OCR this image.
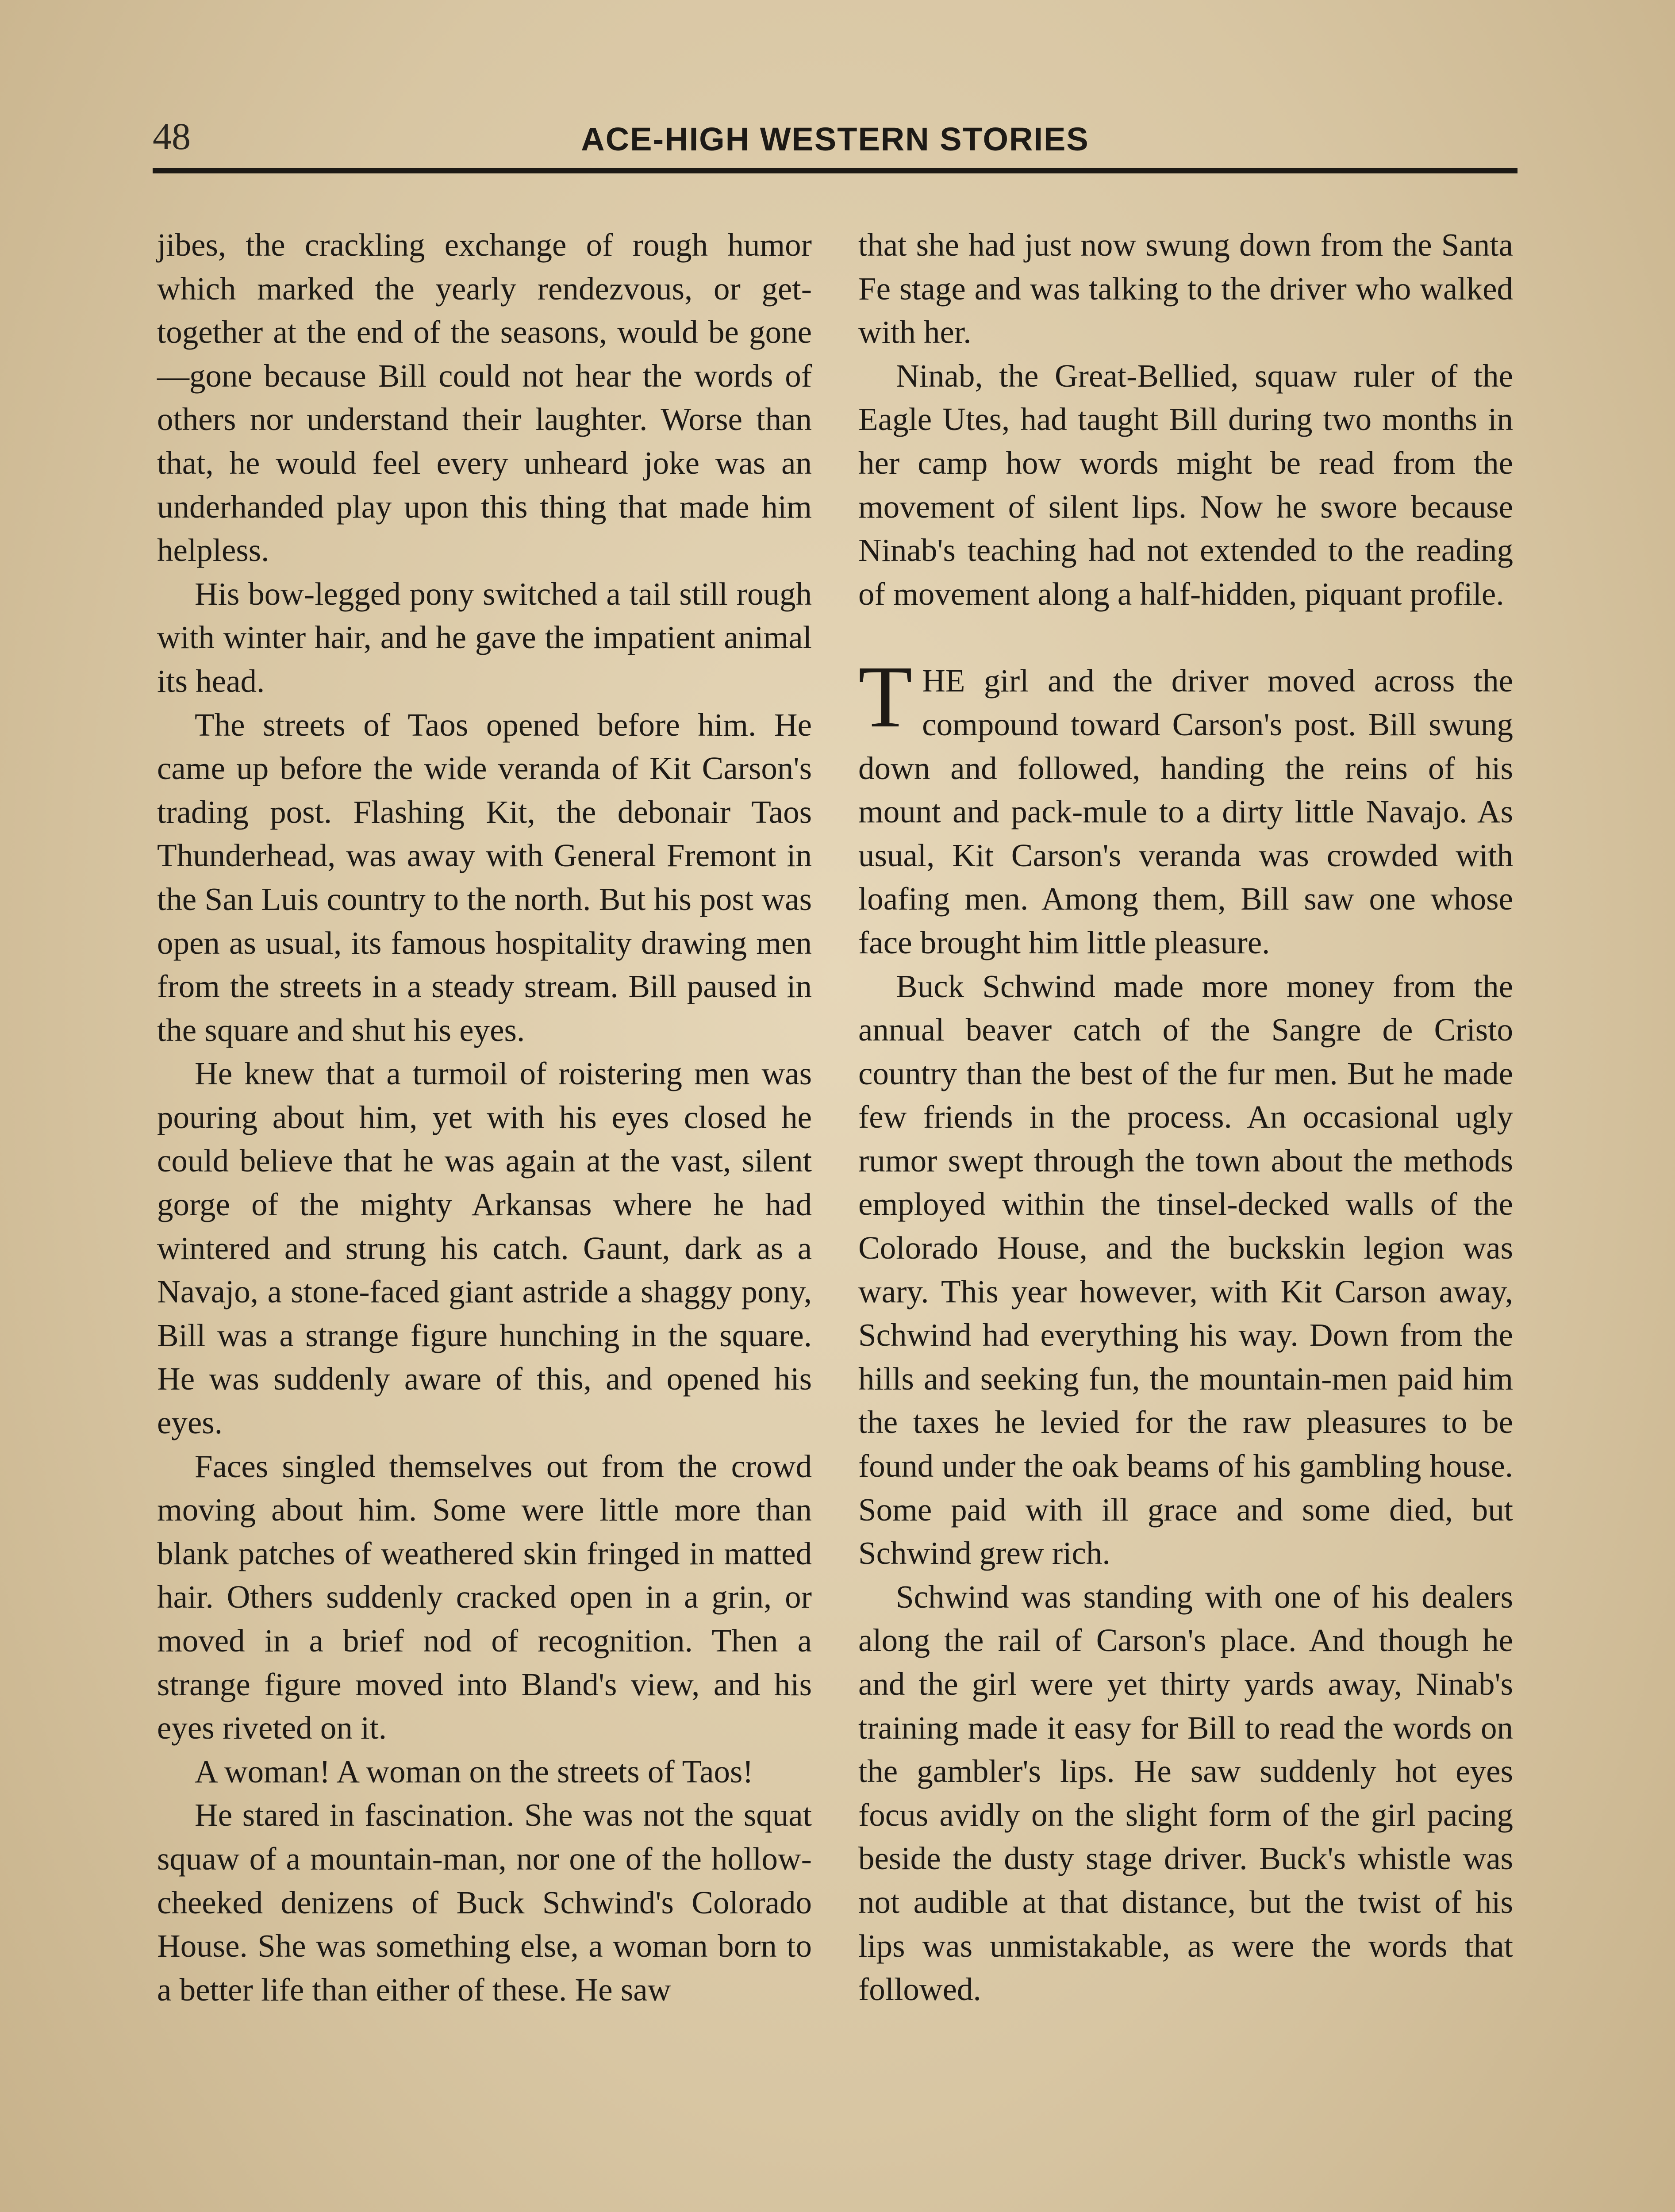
48	ACE-HIGH WESTERN STORIES

jibes, the crackling exchange of rough humor which marked the yearly rendezvous, or get-together at the end of the seasons, would be gone—gone because Bill could not hear the words of others nor understand their laughter. Worse than that, he would feel every unheard joke was an underhanded play upon this thing that made him helpless.

His bow-legged pony switched a tail still rough with winter hair, and he gave the impatient animal its head.

The streets of Taos opened before him. He came up before the wide veranda of Kit Carson's trading post. Flashing Kit, the debonair Taos Thunderhead, was away with General Fremont in the San Luis country to the north. But his post was open as usual, its famous hospitality drawing men from the streets in a steady stream. Bill paused in the square and shut his eyes.

He knew that a turmoil of roistering men was pouring about him, yet with his eyes closed he could believe that he was again at the vast, silent gorge of the mighty Arkansas where he had wintered and strung his catch. Gaunt, dark as a Navajo, a stone-faced giant astride a shaggy pony, Bill was a strange figure hunching in the square. He was suddenly aware of this, and opened his eyes.

Faces singled themselves out from the crowd moving about him. Some were little more than blank patches of weathered skin fringed in matted hair. Others suddenly cracked open in a grin, or moved in a brief nod of recognition. Then a strange figure moved into Bland's view, and his eyes riveted on it.

A woman! A woman on the streets of Taos!

He stared in fascination. She was not the squat squaw of a mountain-man, nor one of the hollow-cheeked denizens of Buck Schwind's Colorado House. She was something else, a woman born to a better life than either of these. He saw

that she had just now swung down from the Santa Fe stage and was talking to the driver who walked with her.

Ninab, the Great-Bellied, squaw ruler of the Eagle Utes, had taught Bill during two months in her camp how words might be read from the movement of silent lips. Now he swore because Ninab's teaching had not extended to the reading of movement along a half-hidden, piquant profile.

THE girl and the driver moved across the compound toward Carson's post. Bill swung down and followed, handing the reins of his mount and pack-mule to a dirty little Navajo. As usual, Kit Carson's veranda was crowded with loafing men. Among them, Bill saw one whose face brought him little pleasure.

Buck Schwind made more money from the annual beaver catch of the Sangre de Cristo country than the best of the fur men. But he made few friends in the process. An occasional ugly rumor swept through the town about the methods employed within the tinsel-decked walls of the Colorado House, and the buckskin legion was wary. This year however, with Kit Carson away, Schwind had everything his way. Down from the hills and seeking fun, the mountain-men paid him the taxes he levied for the raw pleasures to be found under the oak beams of his gambling house. Some paid with ill grace and some died, but Schwind grew rich.

Schwind was standing with one of his dealers along the rail of Carson's place. And though he and the girl were yet thirty yards away, Ninab's training made it easy for Bill to read the words on the gambler's lips. He saw suddenly hot eyes focus avidly on the slight form of the girl pacing beside the dusty stage driver. Buck's whistle was not audible at that distance, but the twist of his lips was unmistakable, as were the words that followed.
